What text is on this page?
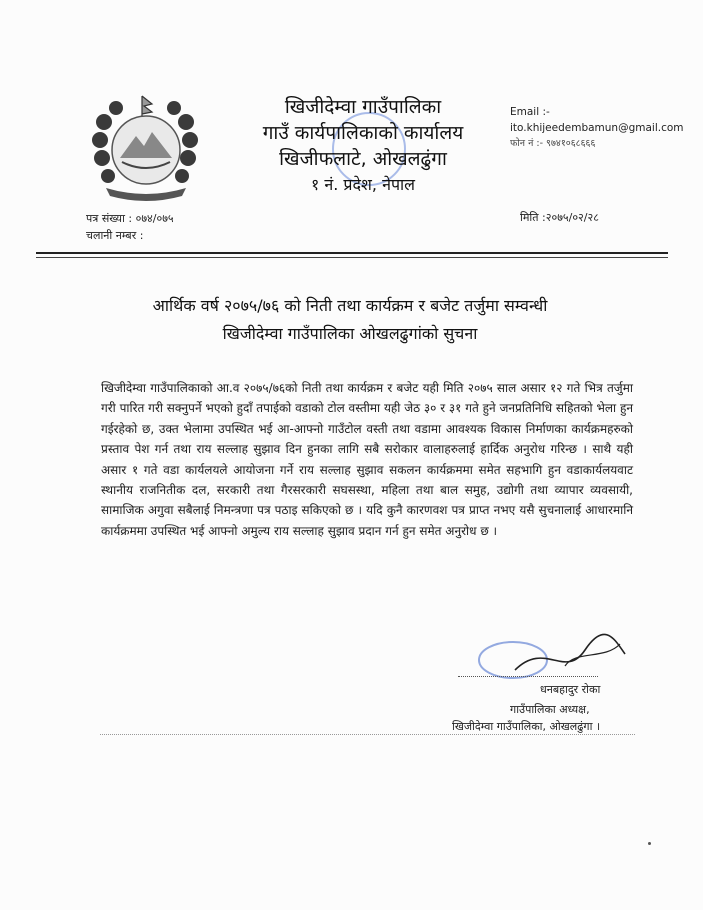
खिजीदेम्वा गाउँपालिका
गाउँ कार्यपालिकाको कार्यालय
खिजीफलाटे, ओखलढुंगा
१ नं. प्रदेश, नेपाल
Email :-
ito.khijeedembamun@gmail.com
फोन नं :- ९७४१०६८६६६
पत्र संख्या : ०७४/०७५
चलानी नम्बर :
मिति :२०७५/०२/२८
आर्थिक वर्ष २०७५/७६ को निती तथा कार्यक्रम र बजेट तर्जुमा सम्वन्धी
खिजीदेम्वा गाउँपालिका ओखलढुगांको सुचना
खिजीदेम्वा गाउँपालिकाको आ.व २०७५/७६को निती तथा कार्यक्रम र बजेट यही मिति २०७५ साल असार १२ गते भित्र तर्जुमा गरी पारित गरी सक्नुपर्ने भएको हुदाँ तपाईको वडाको टोल वस्तीमा यही जेठ ३० र ३१ गते हुने जनप्रतिनिधि सहितको भेला हुन गईरहेको छ, उक्त भेलामा उपस्थित भई आ-आफ्नो गाउँटोल वस्ती तथा वडामा आवश्यक विकास निर्माणका कार्यक्रमहरुको प्रस्ताव पेश गर्न तथा राय सल्लाह सुझाव दिन हुनका लागि सबै सरोकार वालाहरुलाई हार्दिक अनुरोध गरिन्छ । साथै यही असार १ गते वडा कार्यलयले आयोजना गर्ने राय सल्लाह सुझाव सकलन कार्यक्रममा समेत सहभागि हुन वडाकार्यलयवाट स्थानीय राजनितीक दल, सरकारी तथा गैरसरकारी सघसस्था, महिला तथा बाल समुह, उद्योगी तथा व्यापार व्यवसायी, सामाजिक अगुवा सबैलाई निमन्त्रणा पत्र पठाइ सकिएको छ । यदि कुनै कारणवश पत्र प्राप्त नभए यसै सुचनालाई आधारमानि कार्यक्रममा उपस्थित भई आफ्नो अमुल्य राय सल्लाह सुझाव प्रदान गर्न हुन समेत अनुरोध छ ।
धनबहादुर रोका
गाउँपालिका अध्यक्ष,
खिजीदेम्वा गाउँपालिका, ओखलढुंगा ।
